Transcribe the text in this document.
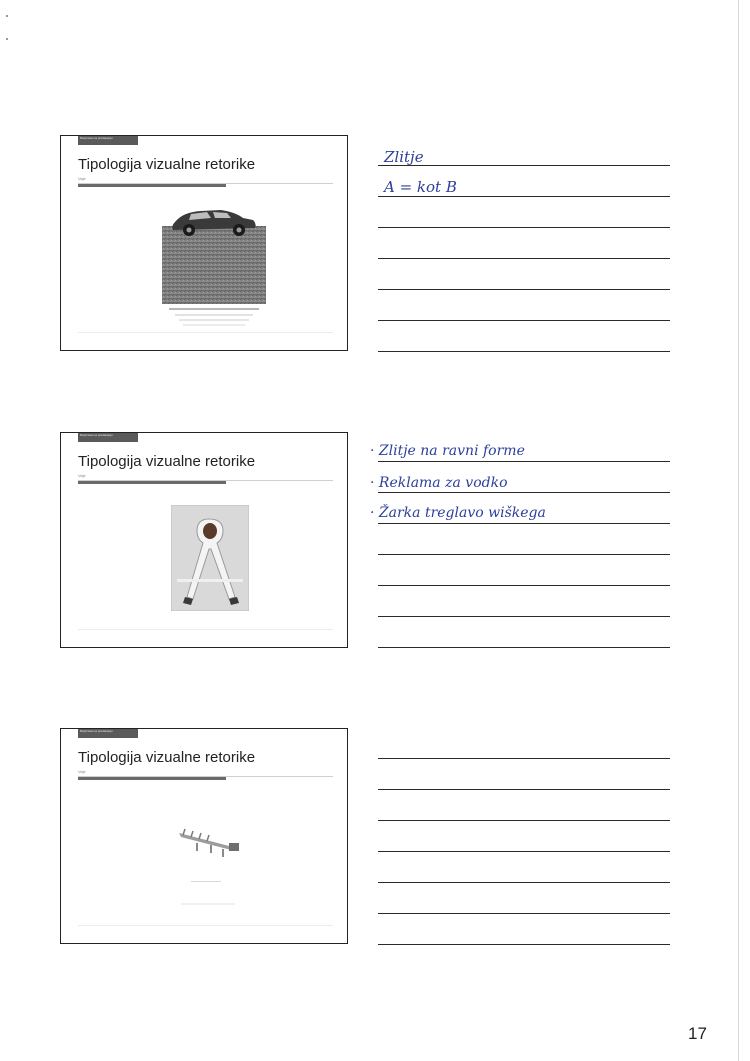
Razprava na predavanju
Tipologija vizualne retorike
Vaje
Razprava na predavanju
Tipologija vizualne retorike
Vaje
Razprava na predavanju
Tipologija vizualne retorike
Vaje
Zlitje
A = kot B
· Zlitje na ravni forme
· Reklama za vodko
· Žarka treglavo wiškega
17
